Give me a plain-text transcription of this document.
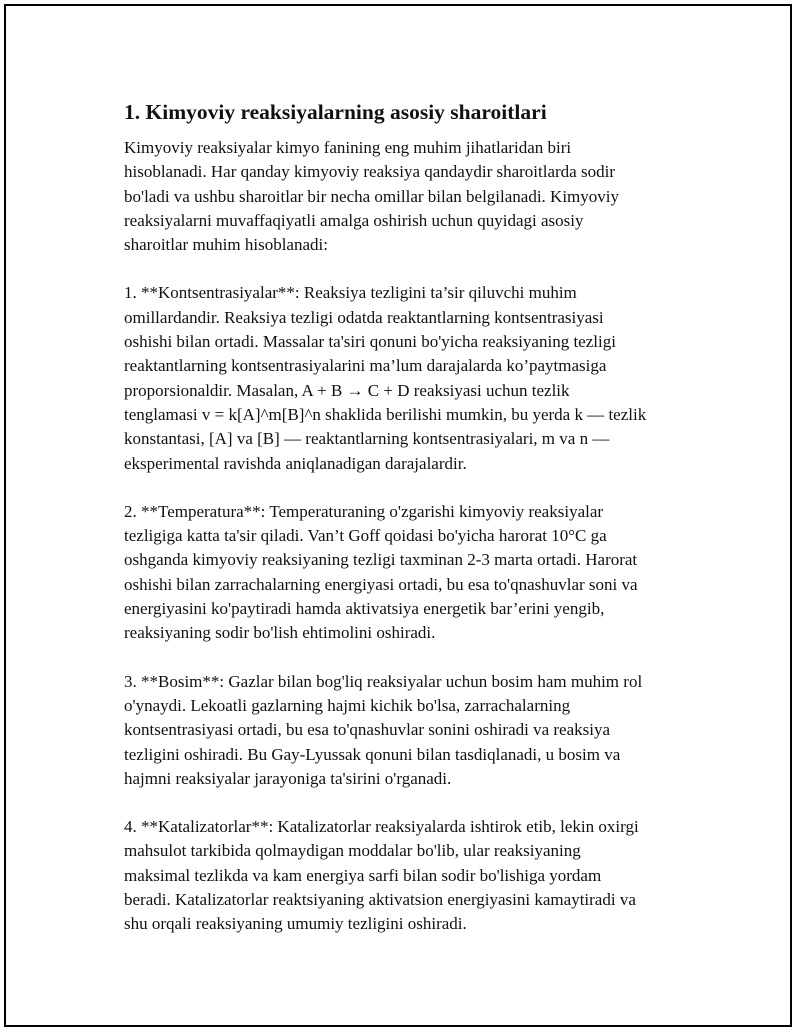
1. Kimyoviy reaksiyalarning asosiy sharoitlari
Kimyoviy reaksiyalar kimyo fanining eng muhim jihatlaridan biri
hisoblanadi. Har qanday kimyoviy reaksiya qandaydir sharoitlarda sodir
bo'ladi va ushbu sharoitlar bir necha omillar bilan belgilanadi. Kimyoviy
reaksiyalarni muvaffaqiyatli amalga oshirish uchun quyidagi asosiy
sharoitlar muhim hisoblanadi:
1. **Kontsentrasiyalar**: Reaksiya tezligini ta’sir qiluvchi muhim
omillardandir. Reaksiya tezligi odatda reaktantlarning kontsentrasiyasi
oshishi bilan ortadi. Massalar ta'siri qonuni bo'yicha reaksiyaning tezligi
reaktantlarning kontsentrasiyalarini ma’lum darajalarda ko’paytmasiga
proporsionaldir. Masalan, A + B → C + D reaksiyasi uchun tezlik
tenglamasi v = k[A]^m[B]^n shaklida berilishi mumkin, bu yerda k — tezlik
konstantasi, [A] va [B] — reaktantlarning kontsentrasiyalari, m va n —
eksperimental ravishda aniqlanadigan darajalardir.
2. **Temperatura**: Temperaturaning o'zgarishi kimyoviy reaksiyalar
tezligiga katta ta'sir qiladi. Van’t Goff qoidasi bo'yicha harorat 10°C ga
oshganda kimyoviy reaksiyaning tezligi taxminan 2-3 marta ortadi. Harorat
oshishi bilan zarrachalarning energiyasi ortadi, bu esa to'qnashuvlar soni va
energiyasini ko'paytiradi hamda aktivatsiya energetik bar’erini yengib,
reaksiyaning sodir bo'lish ehtimolini oshiradi.
3. **Bosim**: Gazlar bilan bog'liq reaksiyalar uchun bosim ham muhim rol
o'ynaydi. Lekoatli gazlarning hajmi kichik bo'lsa, zarrachalarning
kontsentrasiyasi ortadi, bu esa to'qnashuvlar sonini oshiradi va reaksiya
tezligini oshiradi. Bu Gay-Lyussak qonuni bilan tasdiqlanadi, u bosim va
hajmni reaksiyalar jarayoniga ta'sirini o'rganadi.
4. **Katalizatorlar**: Katalizatorlar reaksiyalarda ishtirok etib, lekin oxirgi
mahsulot tarkibida qolmaydigan moddalar bo'lib, ular reaksiyaning
maksimal tezlikda va kam energiya sarfi bilan sodir bo'lishiga yordam
beradi. Katalizatorlar reaktsiyaning aktivatsion energiyasini kamaytiradi va
shu orqali reaksiyaning umumiy tezligini oshiradi.
